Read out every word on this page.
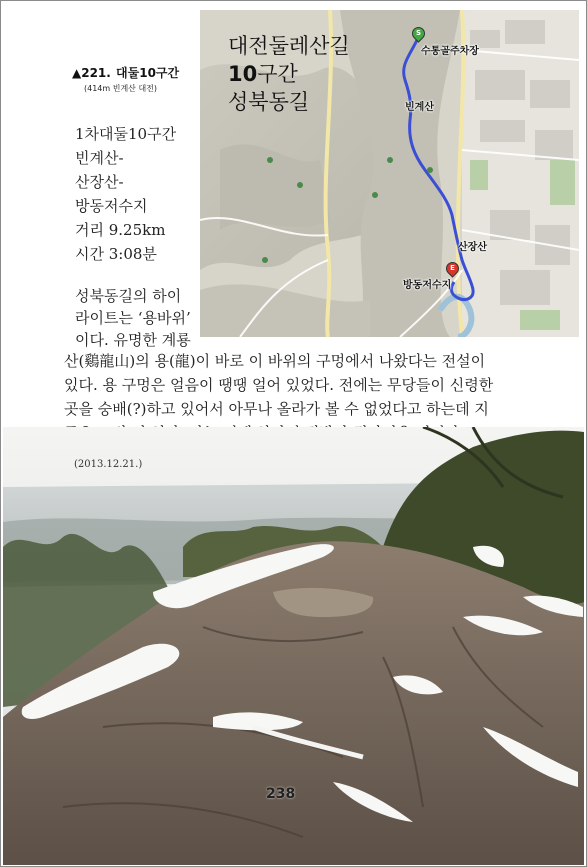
대전둘레산길
10구간
성북동길
S
수통골주차장
빈계산
산장산
E
방동저수지
▲221. 대둘10구간
(414m 빈계산 대전)
1차대둘10구간
빈계산-
산장산-
방동저수지
거리 9.25km
시간 3:08분
성북동길의 하이
라이트는 ‘용바위’
이다. 유명한 계룡
산(鷄龍山)의 용(龍)이 바로 이 바위의 구멍에서 나왔다는 전설이
있다. 용 구멍은 얼음이 땡땡 얼어 있었다. 전에는 무당들이 신령한
곳을 숭배(?)하고 있어서 아무나 올라가 볼 수 없었다고 하는데 지
(2013.12.21.)
238
